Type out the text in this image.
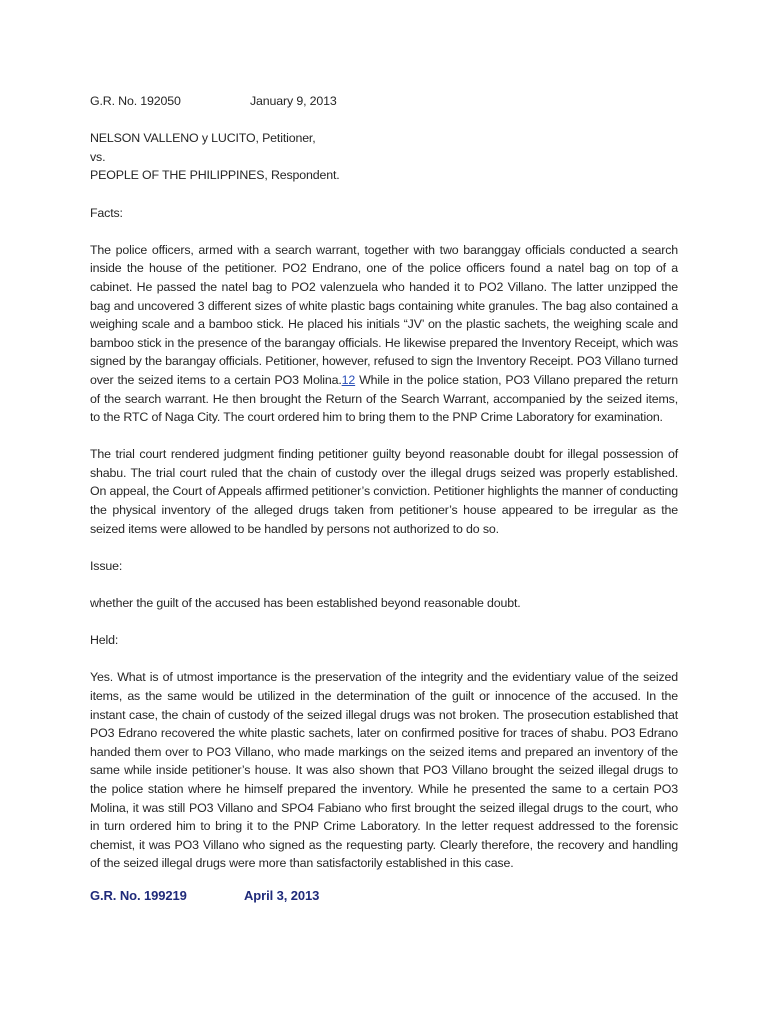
G.R. No. 192050	January 9, 2013
NELSON VALLENO y LUCITO, Petitioner,
vs.
PEOPLE OF THE PHILIPPINES, Respondent.
Facts:

The police officers, armed with a search warrant, together with two baranggay officials conducted a search inside the house of the petitioner. PO2 Endrano, one of the police officers found a natel bag on top of a cabinet. He passed the natel bag to PO2 valenzuela who handed it to PO2 Villano. The latter unzipped the bag and uncovered 3 different sizes of white plastic bags containing white granules. The bag also contained a weighing scale and a bamboo stick. He placed his initials “JV’ on the plastic sachets, the weighing scale and bamboo stick in the presence of the barangay officials. He likewise prepared the Inventory Receipt, which was signed by the barangay officials. Petitioner, however, refused to sign the Inventory Receipt. PO3 Villano turned over the seized items to a certain PO3 Molina.12 While in the police station, PO3 Villano prepared the return of the search warrant. He then brought the Return of the Search Warrant, accompanied by the seized items, to the RTC of Naga City. The court ordered him to bring them to the PNP Crime Laboratory for examination.

The trial court rendered judgment finding petitioner guilty beyond reasonable doubt for illegal possession of shabu. The trial court ruled that the chain of custody over the illegal drugs seized was properly established. On appeal, the Court of Appeals affirmed petitioner’s conviction. Petitioner highlights the manner of conducting the physical inventory of the alleged drugs taken from petitioner’s house appeared to be irregular as the seized items were allowed to be handled by persons not authorized to do so.

Issue:
whether the guilt of the accused has been established beyond reasonable doubt.
Held:

Yes. What is of utmost importance is the preservation of the integrity and the evidentiary value of the seized items, as the same would be utilized in the determination of the guilt or innocence of the accused. In the instant case, the chain of custody of the seized illegal drugs was not broken. The prosecution established that PO3 Edrano recovered the white plastic sachets, later on confirmed positive for traces of shabu. PO3 Edrano handed them over to PO3 Villano, who made markings on the seized items and prepared an inventory of the same while inside petitioner’s house. It was also shown that PO3 Villano brought the seized illegal drugs to the police station where he himself prepared the inventory. While he presented the same to a certain PO3 Molina, it was still PO3 Villano and SPO4 Fabiano who first brought the seized illegal drugs to the court, who in turn ordered him to bring it to the PNP Crime Laboratory. In the letter request addressed to the forensic chemist, it was PO3 Villano who signed as the requesting party. Clearly therefore, the recovery and handling of the seized illegal drugs were more than satisfactorily established in this case.

G.R. No. 199219	April 3, 2013
